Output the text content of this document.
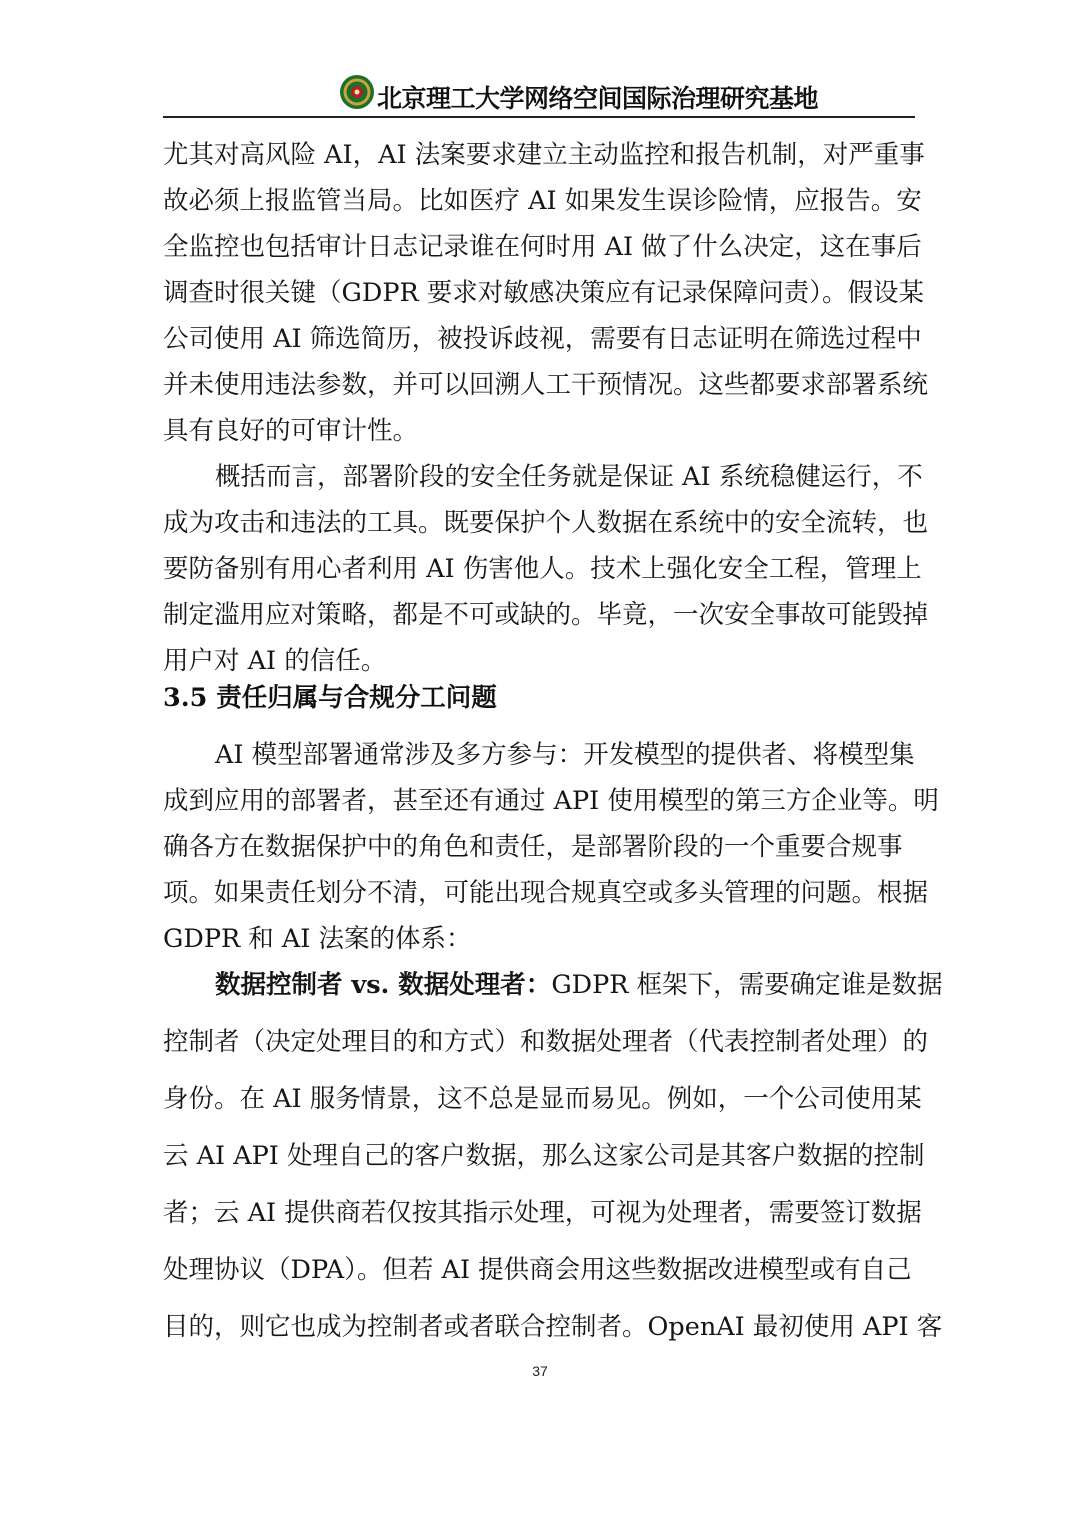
北京理工大学网络空间国际治理研究基地
尤其对高风险 AI，AI 法案要求建立主动监控和报告机制，对严重事
故必须上报监管当局。比如医疗 AI 如果发生误诊险情，应报告。安
全监控也包括审计日志记录谁在何时用 AI 做了什么决定，这在事后
调查时很关键（GDPR 要求对敏感决策应有记录保障问责）。假设某
公司使用 AI 筛选简历，被投诉歧视，需要有日志证明在筛选过程中
并未使用违法参数，并可以回溯人工干预情况。这些都要求部署系统
具有良好的可审计性。
概括而言，部署阶段的安全任务就是保证 AI 系统稳健运行，不
成为攻击和违法的工具。既要保护个人数据在系统中的安全流转，也
要防备别有用心者利用 AI 伤害他人。技术上强化安全工程，管理上
制定滥用应对策略，都是不可或缺的。毕竟，一次安全事故可能毁掉
用户对 AI 的信任。
3.5 责任归属与合规分工问题
AI 模型部署通常涉及多方参与：开发模型的提供者、将模型集
成到应用的部署者，甚至还有通过 API 使用模型的第三方企业等。明
确各方在数据保护中的角色和责任，是部署阶段的一个重要合规事
项。如果责任划分不清，可能出现合规真空或多头管理的问题。根据
GDPR 和 AI 法案的体系：
数据控制者 vs. 数据处理者：GDPR 框架下，需要确定谁是数据
控制者（决定处理目的和方式）和数据处理者（代表控制者处理）的
身份。在 AI 服务情景，这不总是显而易见。例如，一个公司使用某
云 AI API 处理自己的客户数据，那么这家公司是其客户数据的控制
者；云 AI 提供商若仅按其指示处理，可视为处理者，需要签订数据
处理协议（DPA）。但若 AI 提供商会用这些数据改进模型或有自己
目的，则它也成为控制者或者联合控制者。OpenAI 最初使用 API 客
37
